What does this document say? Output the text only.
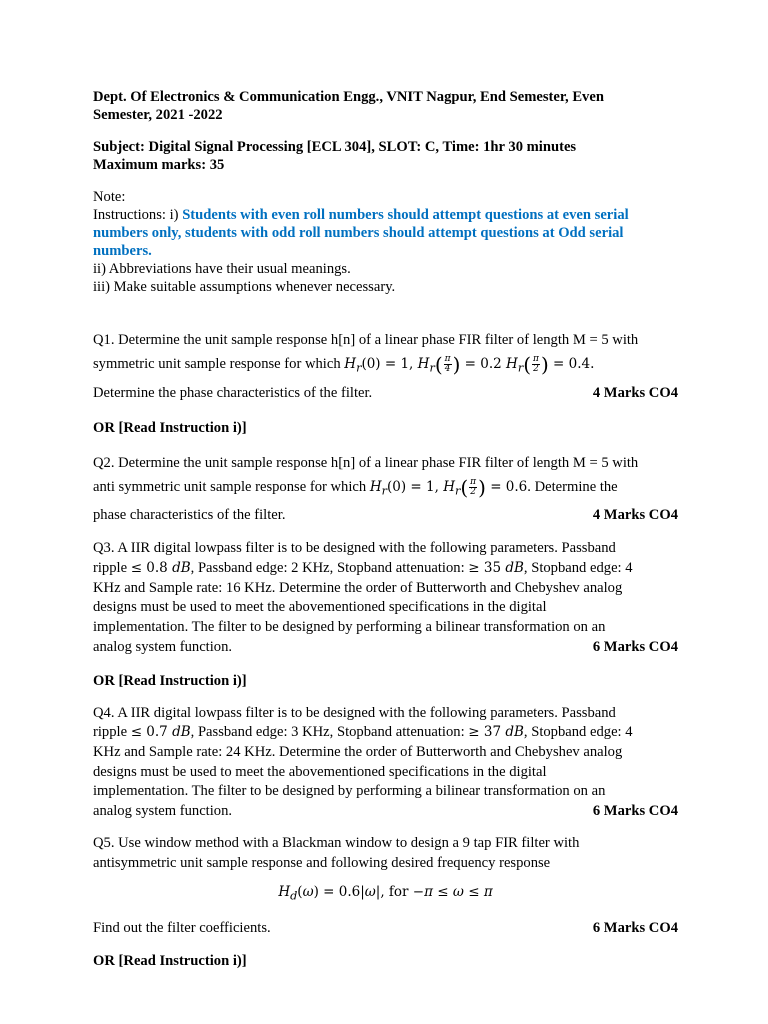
Dept. Of Electronics & Communication Engg., VNIT Nagpur, End Semester, Even

Semester, 2021 -2022

Subject: Digital Signal Processing [ECL 304], SLOT: C, Time: 1hr 30 minutes

Maximum marks: 35

Note:

Instructions: i) Students with even roll numbers should attempt questions at even serial numbers only, students with odd roll numbers should attempt questions at Odd serial numbers.

ii) Abbreviations have their usual meanings.

iii) Make suitable assumptions whenever necessary.

Q1. Determine the unit sample response h[n] of a linear phase FIR filter of length M = 5 with

symmetric unit sample response for which $H_r(0) = 1$, $H_r( \frac{\pi}{4}$ ) = 0.2 $H_r( \frac{\pi}{2}$ ) = 0.4.

Determine the phase characteristics of the filter.	4 Marks CO4

OR [Read Instruction i)]

Q2. Determine the unit sample response h[n] of a linear phase FIR filter of length M = 5 with

anti symmetric unit sample response for which $H_r(0) = 1$, $H_r( \frac{\pi}{2}$ ) = 0.6. Determine the

phase characteristics of the filter.	4 Marks CO4

Q3. A IIR digital lowpass filter is to be designed with the following parameters. Passband

ripple ≤ 0.8 dB, Passband edge: 2 KHz, Stopband attenuation: ≥ 35 dB, Stopband edge: 4

KHz and Sample rate: 16 KHz. Determine the order of Butterworth and Chebyshev analog

designs must be used to meet the abovementioned specifications in the digital

implementation. The filter to be designed by performing a bilinear transformation on an

analog system function.	6 Marks CO4

OR [Read Instruction i)]

Q4. A IIR digital lowpass filter is to be designed with the following parameters. Passband

ripple ≤ 0.7 dB, Passband edge: 3 KHz, Stopband attenuation: ≥ 37 dB, Stopband edge: 4

KHz and Sample rate: 24 KHz. Determine the order of Butterworth and Chebyshev analog

designs must be used to meet the abovementioned specifications in the digital

implementation. The filter to be designed by performing a bilinear transformation on an

analog system function.	6 Marks CO4

Q5. Use window method with a Blackman window to design a 9 tap FIR filter with

antisymmetric unit sample response and following desired frequency response

$H_d(\omega) = 0.6|\omega|$, for −π ≤ ω ≤ π

Find out the filter coefficients.	6 Marks CO4

OR [Read Instruction i)]
